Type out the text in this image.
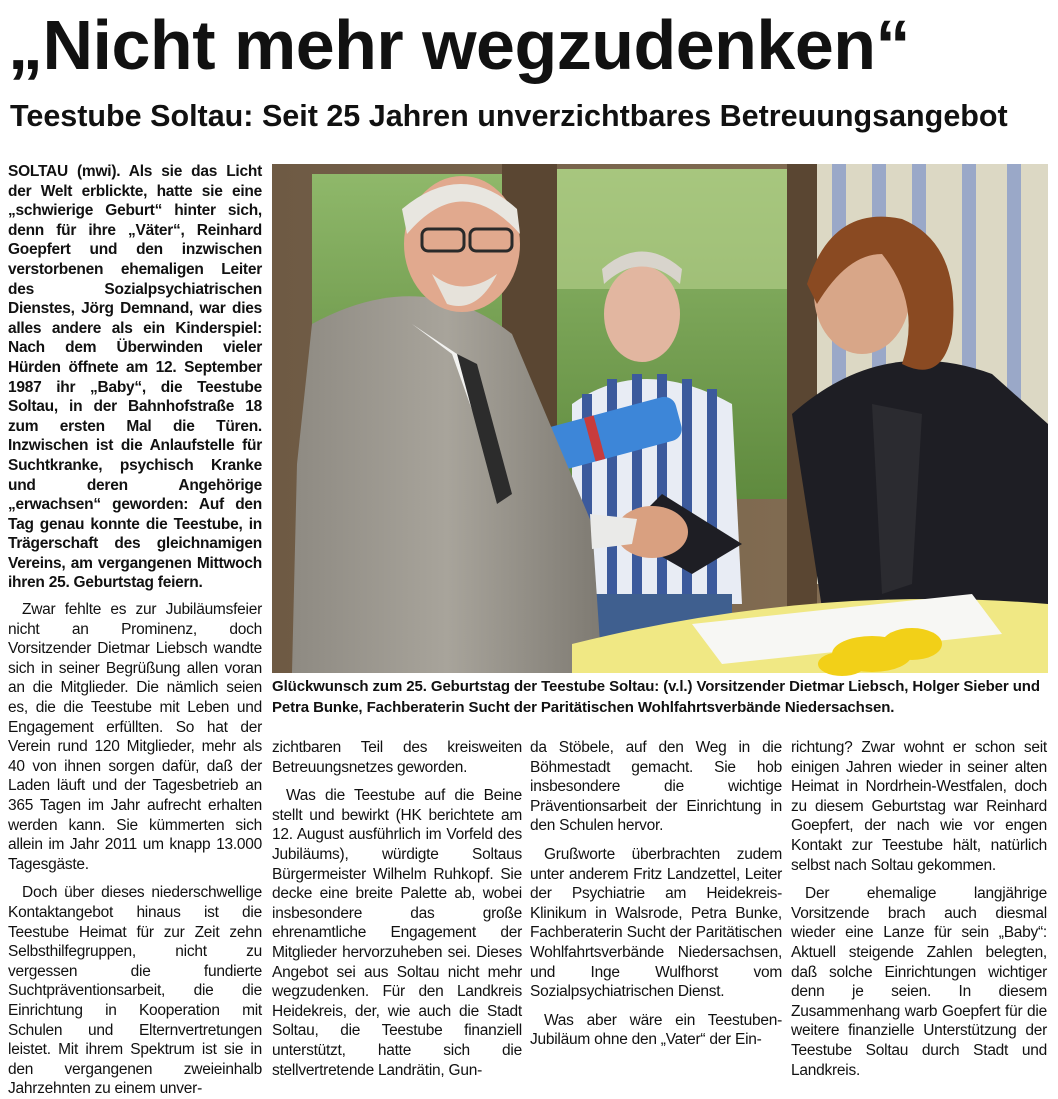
„Nicht mehr wegzudenken“
Teestube Soltau: Seit 25 Jahren unverzichtbares Betreuungsangebot

SOLTAU (mwi). Als sie das Licht der Welt erblickte, hatte sie eine „schwierige Geburt“ hinter sich, denn für ihre „Väter“, Reinhard Goepfert und den inzwischen verstorbenen ehemaligen Leiter des Sozialpsychiatrischen Dienstes, Jörg Demnand, war dies alles andere als ein Kinderspiel: Nach dem Überwinden vieler Hürden öffnete am 12. September 1987 ihr „Baby“, die Teestube Soltau, in der Bahnhofstraße 18 zum ersten Mal die Türen. Inzwischen ist die Anlaufstelle für Suchtkranke, psychisch Kranke und deren Angehörige „erwachsen“ geworden: Auf den Tag genau konnte die Teestube, in Trägerschaft des gleichnamigen Vereins, am vergangenen Mittwoch ihren 25. Geburtstag feiern.

Zwar fehlte es zur Jubiläumsfeier nicht an Prominenz, doch Vorsitzender Dietmar Liebsch wandte sich in seiner Begrüßung allen voran an die Mitglieder. Die nämlich seien es, die die Teestube mit Leben und Engagement erfüllten. So hat der Verein rund 120 Mitglieder, mehr als 40 von ihnen sorgen dafür, daß der Laden läuft und der Tagesbetrieb an 365 Tagen im Jahr aufrecht erhalten werden kann. Sie kümmerten sich allein im Jahr 2011 um knapp 13.000 Tagesgäste.

Doch über dieses niederschwellige Kontaktangebot hinaus ist die Teestube Heimat für zur Zeit zehn Selbsthilfegruppen, nicht zu vergessen die fundierte Suchtpräventionsarbeit, die die Einrichtung in Kooperation mit Schulen und Elternvertretungen leistet. Mit ihrem Spektrum ist sie in den vergangenen zweieinhalb Jahrzehnten zu einem unver-

Glückwunsch zum 25. Geburtstag der Teestube Soltau: (v.l.) Vorsitzender Dietmar Liebsch, Holger Sieber und Petra Bunke, Fachberaterin Sucht der Paritätischen Wohlfahrtsverbände Niedersachsen.

zichtbaren Teil des kreisweiten Betreuungsnetzes geworden.

Was die Teestube auf die Beine stellt und bewirkt (HK berichtete am 12. August ausführlich im Vorfeld des Jubiläums), würdigte Soltaus Bürgermeister Wilhelm Ruhkopf. Sie decke eine breite Palette ab, wobei insbesondere das große ehrenamtliche Engagement der Mitglieder hervorzuheben sei. Dieses Angebot sei aus Soltau nicht mehr wegzudenken. Für den Landkreis Heidekreis, der, wie auch die Stadt Soltau, die Teestube finanziell unterstützt, hatte sich die stellvertretende Landrätin, Gun-

da Stöbele, auf den Weg in die Böhmestadt gemacht. Sie hob insbesondere die wichtige Präventionsarbeit der Einrichtung in den Schulen hervor.

Grußworte überbrachten zudem unter anderem Fritz Landzettel, Leiter der Psychiatrie am Heidekreis-Klinikum in Walsrode, Petra Bunke, Fachberaterin Sucht der Paritätischen Wohlfahrtsverbände Niedersachsen, und Inge Wulfhorst vom Sozialpsychiatrischen Dienst.

Was aber wäre ein Teestuben-Jubiläum ohne den „Vater“ der Ein-

richtung? Zwar wohnt er schon seit einigen Jahren wieder in seiner alten Heimat in Nordrhein-Westfalen, doch zu diesem Geburtstag war Reinhard Goepfert, der nach wie vor engen Kontakt zur Teestube hält, natürlich selbst nach Soltau gekommen.

Der ehemalige langjährige Vorsitzende brach auch diesmal wieder eine Lanze für sein „Baby“: Aktuell steigende Zahlen belegten, daß solche Einrichtungen wichtiger denn je seien. In diesem Zusammenhang warb Goepfert für die weitere finanzielle Unterstützung der Teestube Soltau durch Stadt und Landkreis.
